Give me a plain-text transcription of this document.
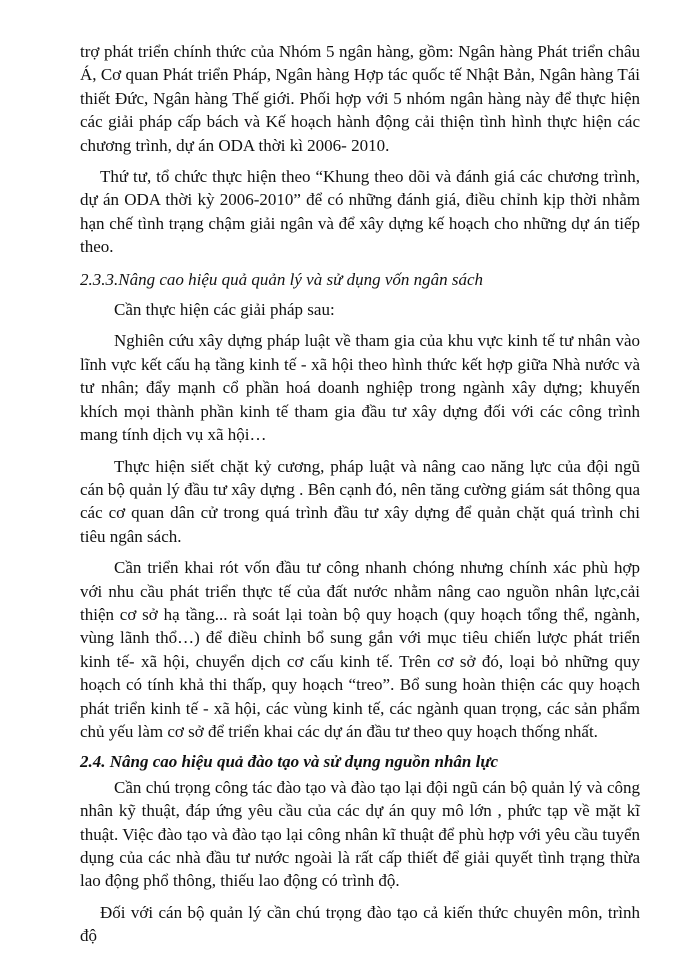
trợ phát triển chính thức của Nhóm 5 ngân hàng, gồm: Ngân hàng Phát triển châu Á, Cơ quan Phát triển Pháp, Ngân hàng Hợp tác quốc tế Nhật Bản, Ngân hàng Tái thiết Đức, Ngân hàng Thế giới. Phối hợp với 5 nhóm ngân hàng này để thực hiện các giải pháp cấp bách và Kế hoạch hành động cải thiện tình hình thực hiện các chương trình, dự án ODA thời kì 2006- 2010.

Thứ tư, tổ chức thực hiện theo “Khung theo dõi và đánh giá các chương trình, dự án ODA thời kỳ 2006-2010” để có những đánh giá, điều chỉnh kịp thời nhằm hạn chế tình trạng chậm giải ngân và để xây dựng kế hoạch cho những dự án tiếp theo.

2.3.3.Nâng cao hiệu quả quản lý và sử dụng vốn ngân sách

Cần thực hiện các giải pháp sau:

Nghiên cứu xây dựng pháp luật về tham gia của khu vực kinh tế tư nhân vào lĩnh vực kết cấu hạ tầng kinh tế - xã hội theo hình thức kết hợp giữa Nhà nước và tư nhân; đẩy mạnh cổ phần hoá doanh nghiệp trong ngành xây dựng; khuyến khích mọi thành phần kinh tế tham gia đầu tư xây dựng đối với các công trình mang tính dịch vụ xã hội…

Thực hiện siết chặt kỷ cương, pháp luật và nâng cao năng lực của đội ngũ cán bộ quản lý đầu tư xây dựng . Bên cạnh đó, nên tăng cường giám sát thông qua các cơ quan dân cử trong quá trình đầu tư xây dựng để quản chặt quá trình chi tiêu ngân sách.

Cần triển khai rót vốn đầu tư công nhanh chóng nhưng chính xác phù hợp với nhu cầu phát triển thực tế của đất nước nhằm nâng cao nguồn nhân lực,cải thiện cơ sở hạ tầng... rà soát lại toàn bộ quy hoạch (quy hoạch tổng thể, ngành, vùng lãnh thổ…) để điều chỉnh bổ sung gắn với mục tiêu chiến lược phát triển kinh tế- xã hội, chuyển dịch cơ cấu kinh tế. Trên cơ sở đó, loại bỏ những quy hoạch có tính khả thi thấp, quy hoạch “treo”. Bổ sung hoàn thiện các quy hoạch phát triển kinh tế - xã hội, các vùng kinh tế, các ngành quan trọng, các sản phẩm chủ yếu làm cơ sở để triển khai các dự án đầu tư theo quy hoạch thống nhất.

2.4. Nâng cao hiệu quả đào tạo và sử dụng nguồn nhân lực

Cần chú trọng công tác đào tạo và đào tạo lại đội ngũ cán bộ quản lý và công nhân kỹ thuật, đáp ứng yêu cầu của các dự án quy mô lớn , phức tạp về mặt kĩ thuật. Việc đào tạo và đào tạo lại công nhân kĩ thuật để phù hợp với yêu cầu tuyển dụng của các nhà đầu tư nước ngoài là rất cấp thiết để giải quyết tình trạng thừa lao động phổ thông, thiếu lao động có trình độ.

Đối với cán bộ quản lý cần chú trọng đào tạo cả kiến thức chuyên môn, trình độ
